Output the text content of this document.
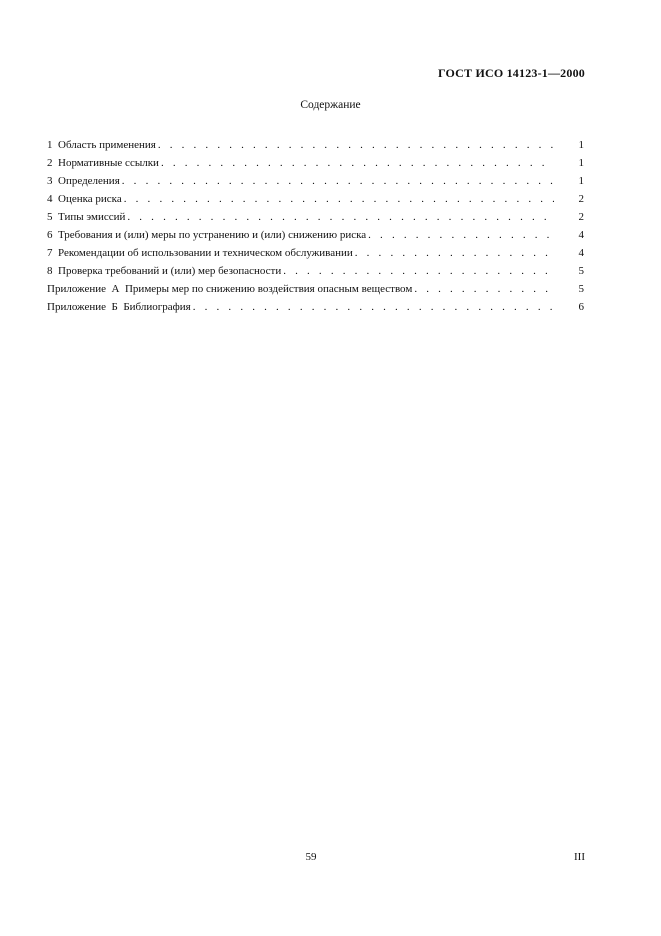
ГОСТ ИСО 14123-1—2000
Содержание
1  Область применения . . .	1
2  Нормативные ссылки . . .	1
3  Определения . . .	1
4  Оценка риска . . .	2
5  Типы эмиссий . . .	2
6  Требования и (или) меры по устранению и (или) снижению риска . . .	4
7  Рекомендации об использовании и техническом обслуживании . . .	4
8  Проверка требований и (или) мер безопасности . . .	5
Приложение  А  Примеры мер по снижению воздействия опасным веществом . . .	5
Приложение  Б  Библиография . . .	6
59	III
